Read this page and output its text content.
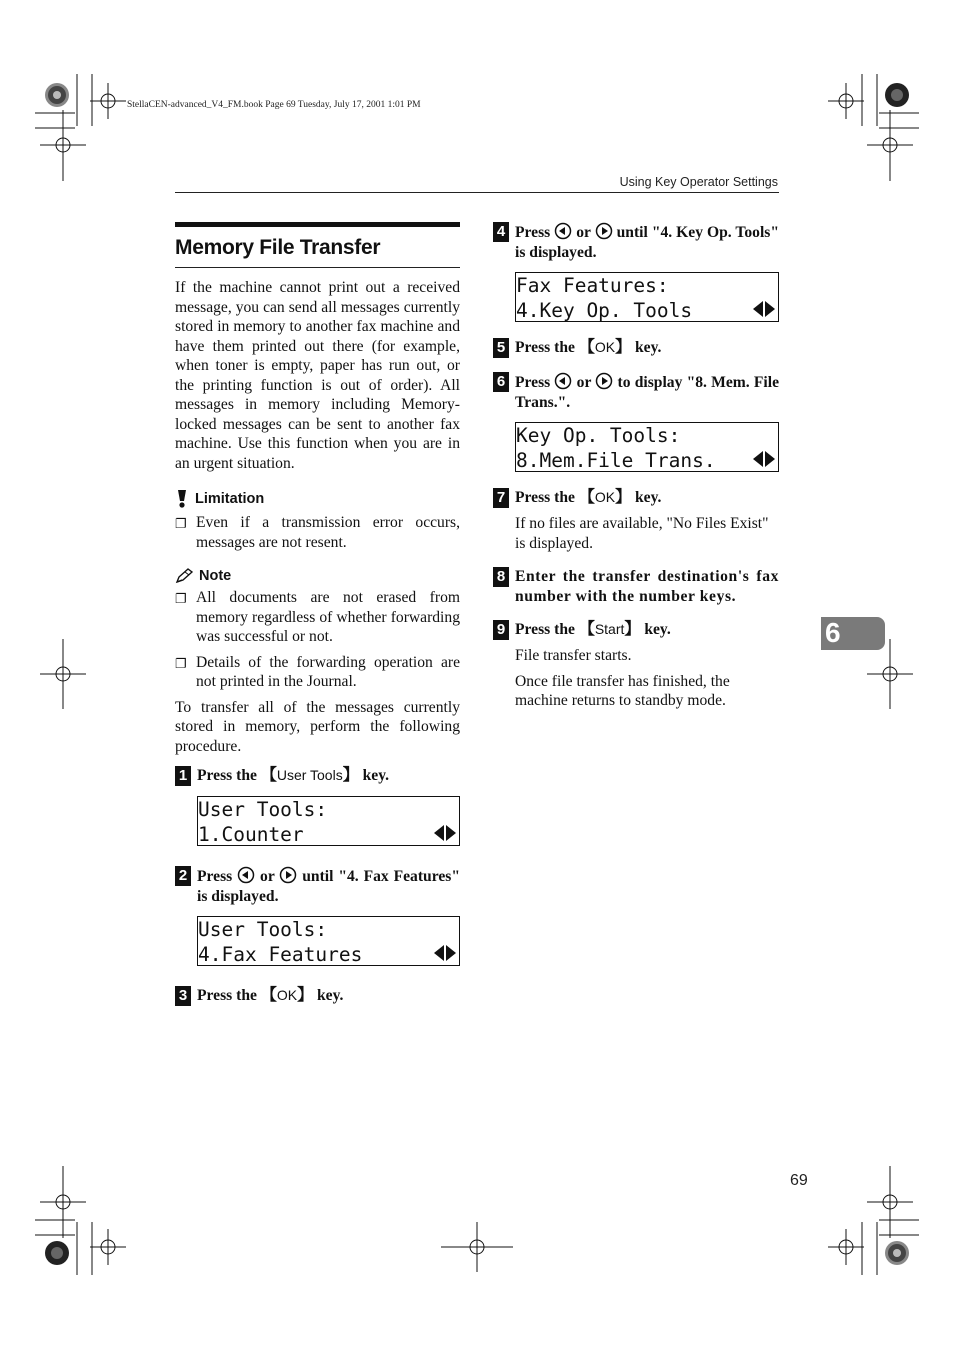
StellaCEN-advanced_V4_FM.book Page 69 Tuesday, July 17, 2001 1:01 PM
Using Key Operator Settings
6
69
Memory File Transfer

If the machine cannot print out a received message, you can send all messages currently stored in memory to another fax machine and have them printed out there (for example, when toner is empty, paper has run out, or the printing function is out of order). All messages in memory including Memory-locked messages can be sent to another fax machine. Use this function when you are in an urgent situation.

Limitation
❐ Even if a transmission error occurs, messages are not resent.
Note
❐ All documents are not erased from memory regardless of whether forwarding was successful or not.
❐ Details of the forwarding operation are not printed in the Journal.

To transfer all of the messages currently stored in memory, perform the following procedure.

1 Press the 【User Tools】 key.
User Tools:
1.Counter
2 Press  or  until "4. Fax Features" is displayed.
User Tools:
4.Fax Features
3 Press the 【OK】 key.
4 Press  or  until "4. Key Op. Tools" is displayed.
Fax Features:
4.Key Op. Tools
5 Press the 【OK】 key.
6 Press  or  to display "8. Mem. File Trans.".
Key Op. Tools:
8.Mem.File Trans.
7 Press the 【OK】 key.

If no files are available, "No Files Exist" is displayed.

8 Enter the transfer destination's fax number with the number keys.
9 Press the 【Start】 key.

File transfer starts.

Once file transfer has finished, the machine returns to standby mode.
